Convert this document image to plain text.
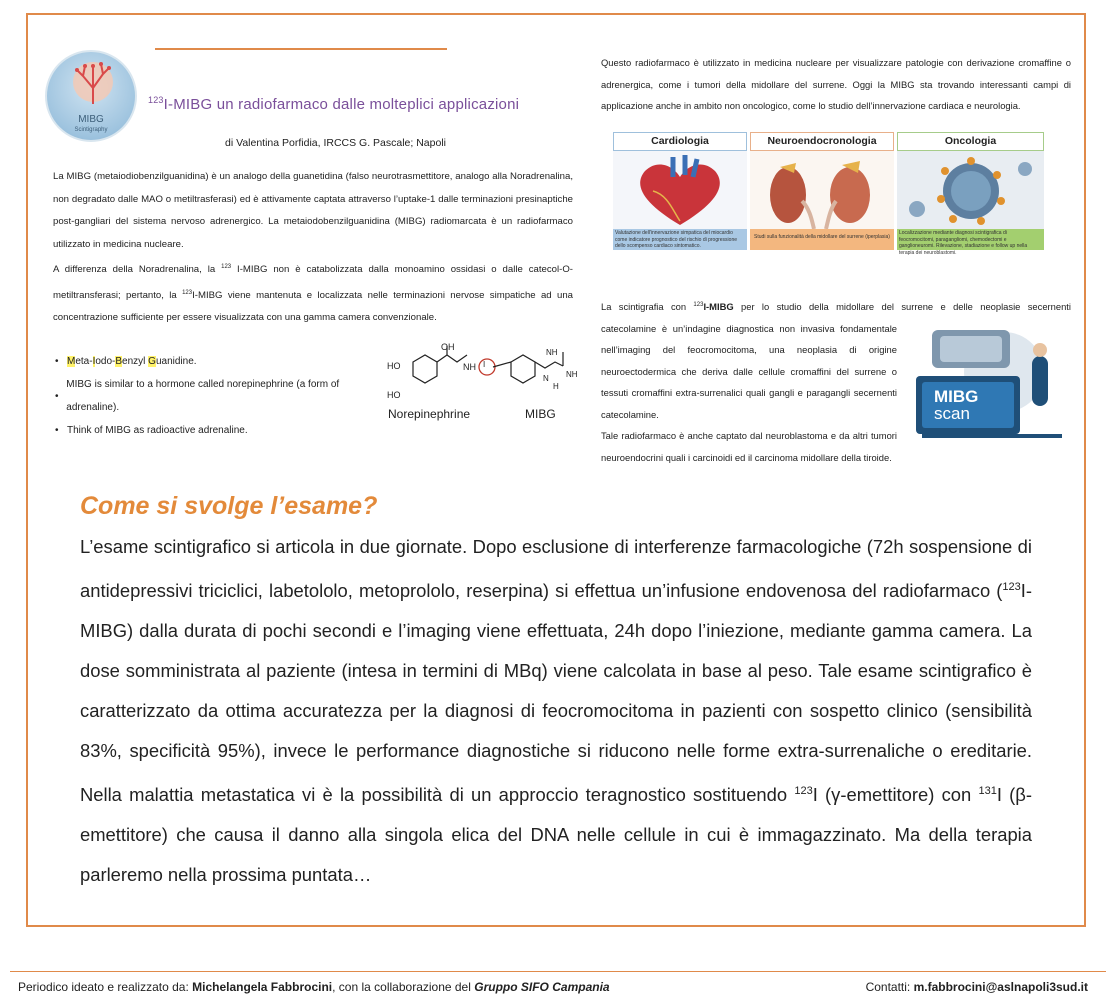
MIBG
Scintigraphy
$^{123}$I-MIBG un radiofarmaco dalle molteplici applicazioni
di Valentina Porfidia, IRCCS G. Pascale; Napoli

La MIBG (metaiodiobenzilguanidina) è un analogo della guanetidina (falso neurotrasmettitore, analogo alla Noradrenalina, non degradato dalle MAO o metiltrasferasi) ed è attivamente captata attraverso l’uptake-1 dalle terminazioni presinaptiche post-gangliari del sistema nervoso adrenergico. La metaiodobenzilguanidina (MIBG) radiomarcata è un radiofarmaco utilizzato in medicina nucleare.

A differenza della Noradrenalina, la $^{123}$ I-MIBG non è catabolizzata dalla monoamino ossidasi o dalle catecol-O-metiltransferasi; pertanto, la $^{123}$I-MIBG viene mantenuta e localizzata nelle terminazioni nervose simpatiche ad una concentrazione sufficiente per essere visualizzata con una gamma camera convenzionale.

• Meta-Iodo-Benzyl Guanidine.
•
MIBG is similar to a hormone called norepinephrine (a form of adrenaline).
• Think of MIBG as radioactive adrenaline.
HO
HO
OH
NH I
NH
NH
N
H
Norepinephrine	MIBG
Questo radiofarmaco è utilizzato in medicina nucleare per visualizzare patologie con derivazione cromaffine o adrenergica, come i tumori della midollare del surrene. Oggi la MIBG sta trovando interessanti campi di applicazione anche in ambito non oncologico, come lo studio dell’innervazione cardiaca e neurologia.
Cardiologia
Valutazione dell'innervazione simpatica del miocardio come indicatore prognostico del rischio di progressione dello scompenso cardiaco sintomatico.
Neuroendocronologia
Studi sulla funzionalità della midollare del surrene (iperplasia)
Oncologia
Localizzazione mediante diagnosi scintigrafica di feocromocitomi, paragangliomi, chemodectomi e ganglioneuromi. Rilevazione, stadiazione e follow up nella terapia dei neuroblastomi.
La scintigrafia con $^{123}$I-MIBG per lo studio della midollare del surrene e delle neoplasie secernenti
catecolamine è un’indagine diagnostica non invasiva fondamentale nell’imaging del feocromocitoma, una neoplasia di origine neuroectodermica che deriva dalle cellule cromaffini del surrene o tessuti cromaffini extra-surrenalici quali gangli e paragangli secernenti catecolamine.
Tale radiofarmaco è anche captato dal neuroblastoma e da altri tumori neuroendocrini quali i carcinoidi ed il carcinoma midollare della tiroide.
MIBG
scan
Come si svolge l’esame?
L’esame scintigrafico si articola in due giornate. Dopo esclusione di interferenze farmacologiche (72h sospensione di antidepressivi triciclici, labetololo, metoprololo, reserpina) si effettua un’infusione endovenosa del radiofarmaco ($^{123}$I-MIBG) dalla durata di pochi secondi e l’imaging viene effettuata, 24h dopo l’iniezione, mediante gamma camera. La dose somministrata al paziente (intesa in termini di MBq) viene calcolata in base al peso. Tale esame scintigrafico è caratterizzato da ottima accuratezza per la diagnosi di feocromocitoma in pazienti con sospetto clinico (sensibilità 83%, specificità 95%), invece le performance diagnostiche si riducono nelle forme extra-surrenaliche o ereditarie. Nella malattia metastatica vi è la possibilità di un approccio teragnostico sostituendo $^{123}$I (γ-emettitore) con $^{131}$I (β- emettitore) che causa il danno alla singola elica del DNA nelle cellule in cui è immagazzinato. Ma della terapia parleremo nella prossima puntata…
Periodico ideato e realizzato da: Michelangela Fabbrocini, con la collaborazione del Gruppo SIFO Campania	Contatti: m.fabbrocini@aslnapoli3sud.it
